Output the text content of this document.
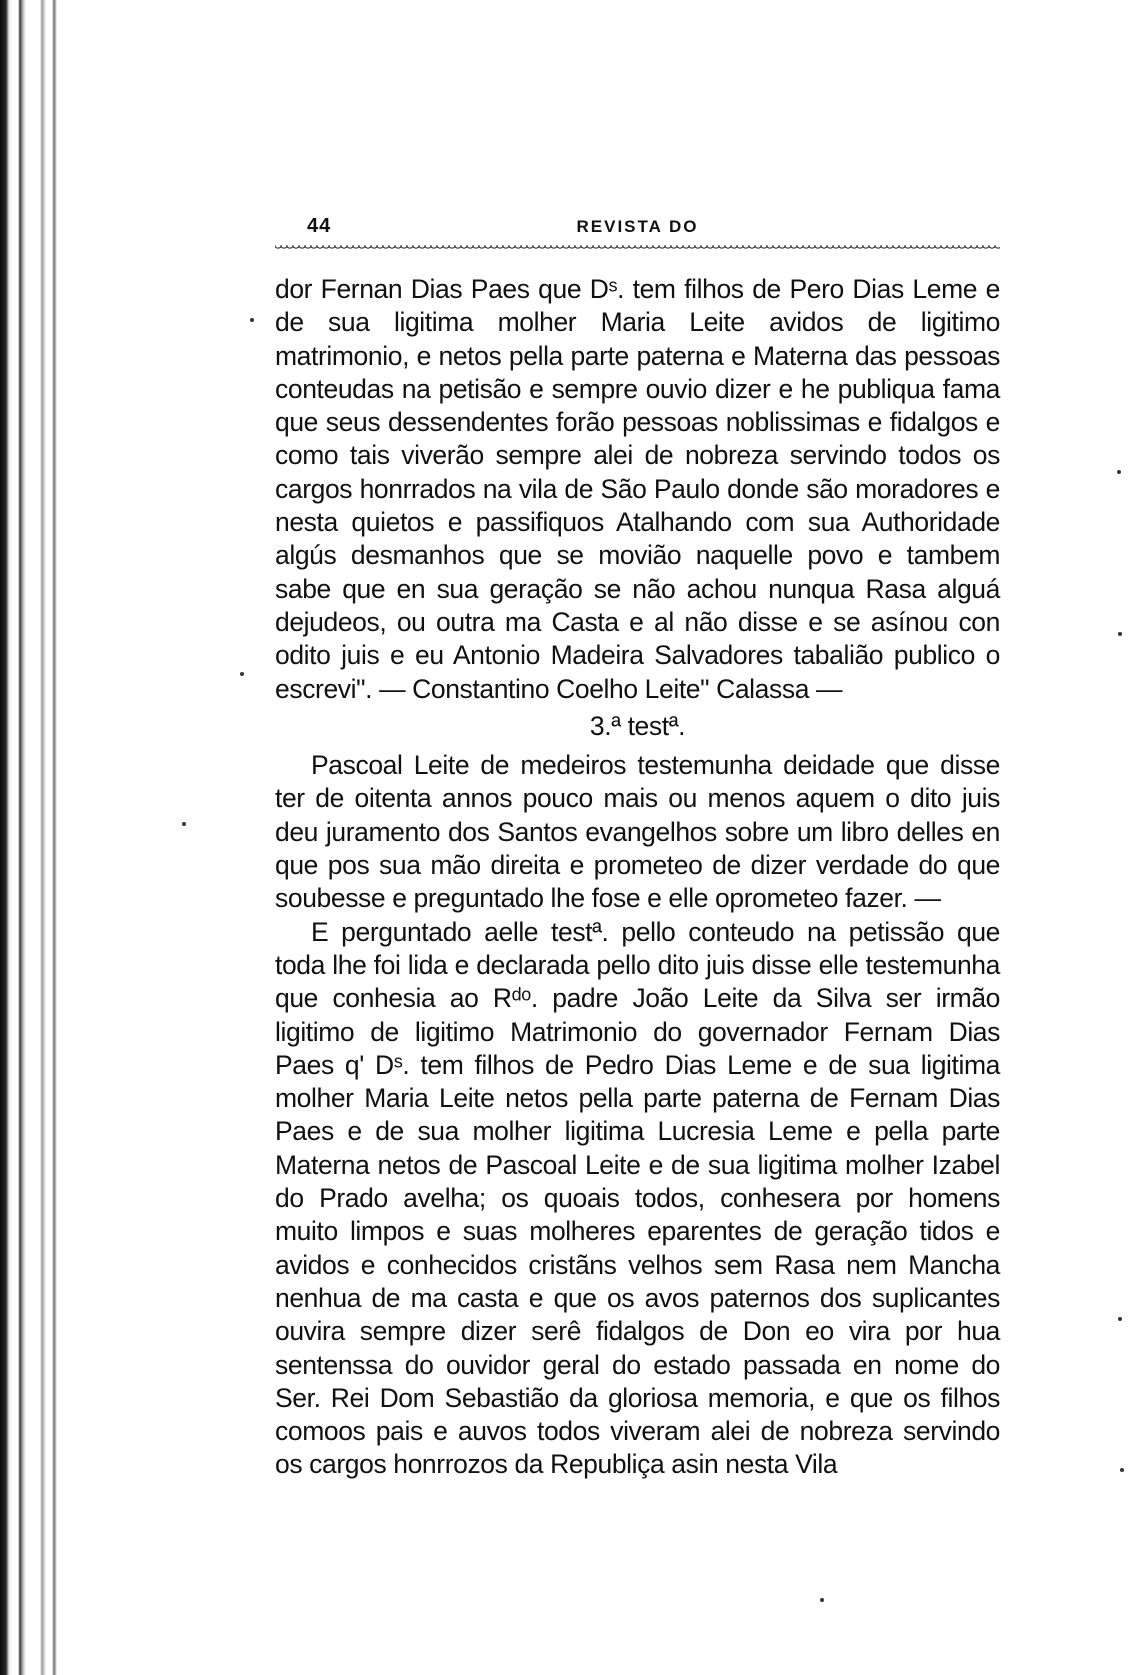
44	REVISTA DO

dor Fernan Dias Paes que Dˢ. tem filhos de Pero Dias Leme e de sua ligitima molher Maria Leite avidos de ligitimo matrimonio, e netos pella parte paterna e Materna das pessoas conteudas na petisão e sempre ouvio dizer e he publiqua fama que seus dessendentes forão pessoas noblissimas e fidalgos e como tais viverão sempre alei de nobreza servindo todos os cargos honrrados na vila de São Paulo donde são moradores e nesta quietos e passifiquos Atalhando com sua Authoridade algús desmanhos que se movião naquelle povo e tambem sabe que en sua geração se não achou nunqua Rasa alguá dejudeos, ou outra ma Casta e al não disse e se asínou con odito juis e eu Antonio Madeira Salvadores tabalião publico o escrevi". — Constantino Coelho Leite" Calassa —

3.ª testª.

Pascoal Leite de medeiros testemunha deidade que disse ter de oitenta annos pouco mais ou menos aquem o dito juis deu juramento dos Santos evangelhos sobre um libro delles en que pos sua mão direita e prometeo de dizer verdade do que soubesse e preguntado lhe fose e elle oprometeo fazer. —

E perguntado aelle testª. pello conteudo na petissão que toda lhe foi lida e declarada pello dito juis disse elle testemunha que conhesia ao Rᵈᵒ. padre João Leite da Silva ser irmão ligitimo de ligitimo Matrimonio do governador Fernam Dias Paes q' Dˢ. tem filhos de Pedro Dias Leme e de sua ligitima molher Maria Leite netos pella parte paterna de Fernam Dias Paes e de sua molher ligitima Lucresia Leme e pella parte Materna netos de Pascoal Leite e de sua ligitima molher Izabel do Prado avelha; os quoais todos, conhesera por homens muito limpos e suas molheres eparentes de geração tidos e avidos e conhecidos cristãns velhos sem Rasa nem Mancha nenhua de ma casta e que os avos paternos dos suplicantes ouvira sempre dizer serê fidalgos de Don eo vira por hua sentenssa do ouvidor geral do estado passada en nome do Ser. Rei Dom Sebastião da gloriosa memoria, e que os filhos comoos pais e auvos todos viveram alei de nobreza servindo os cargos honrrozos da Republiça asin nesta Vila
